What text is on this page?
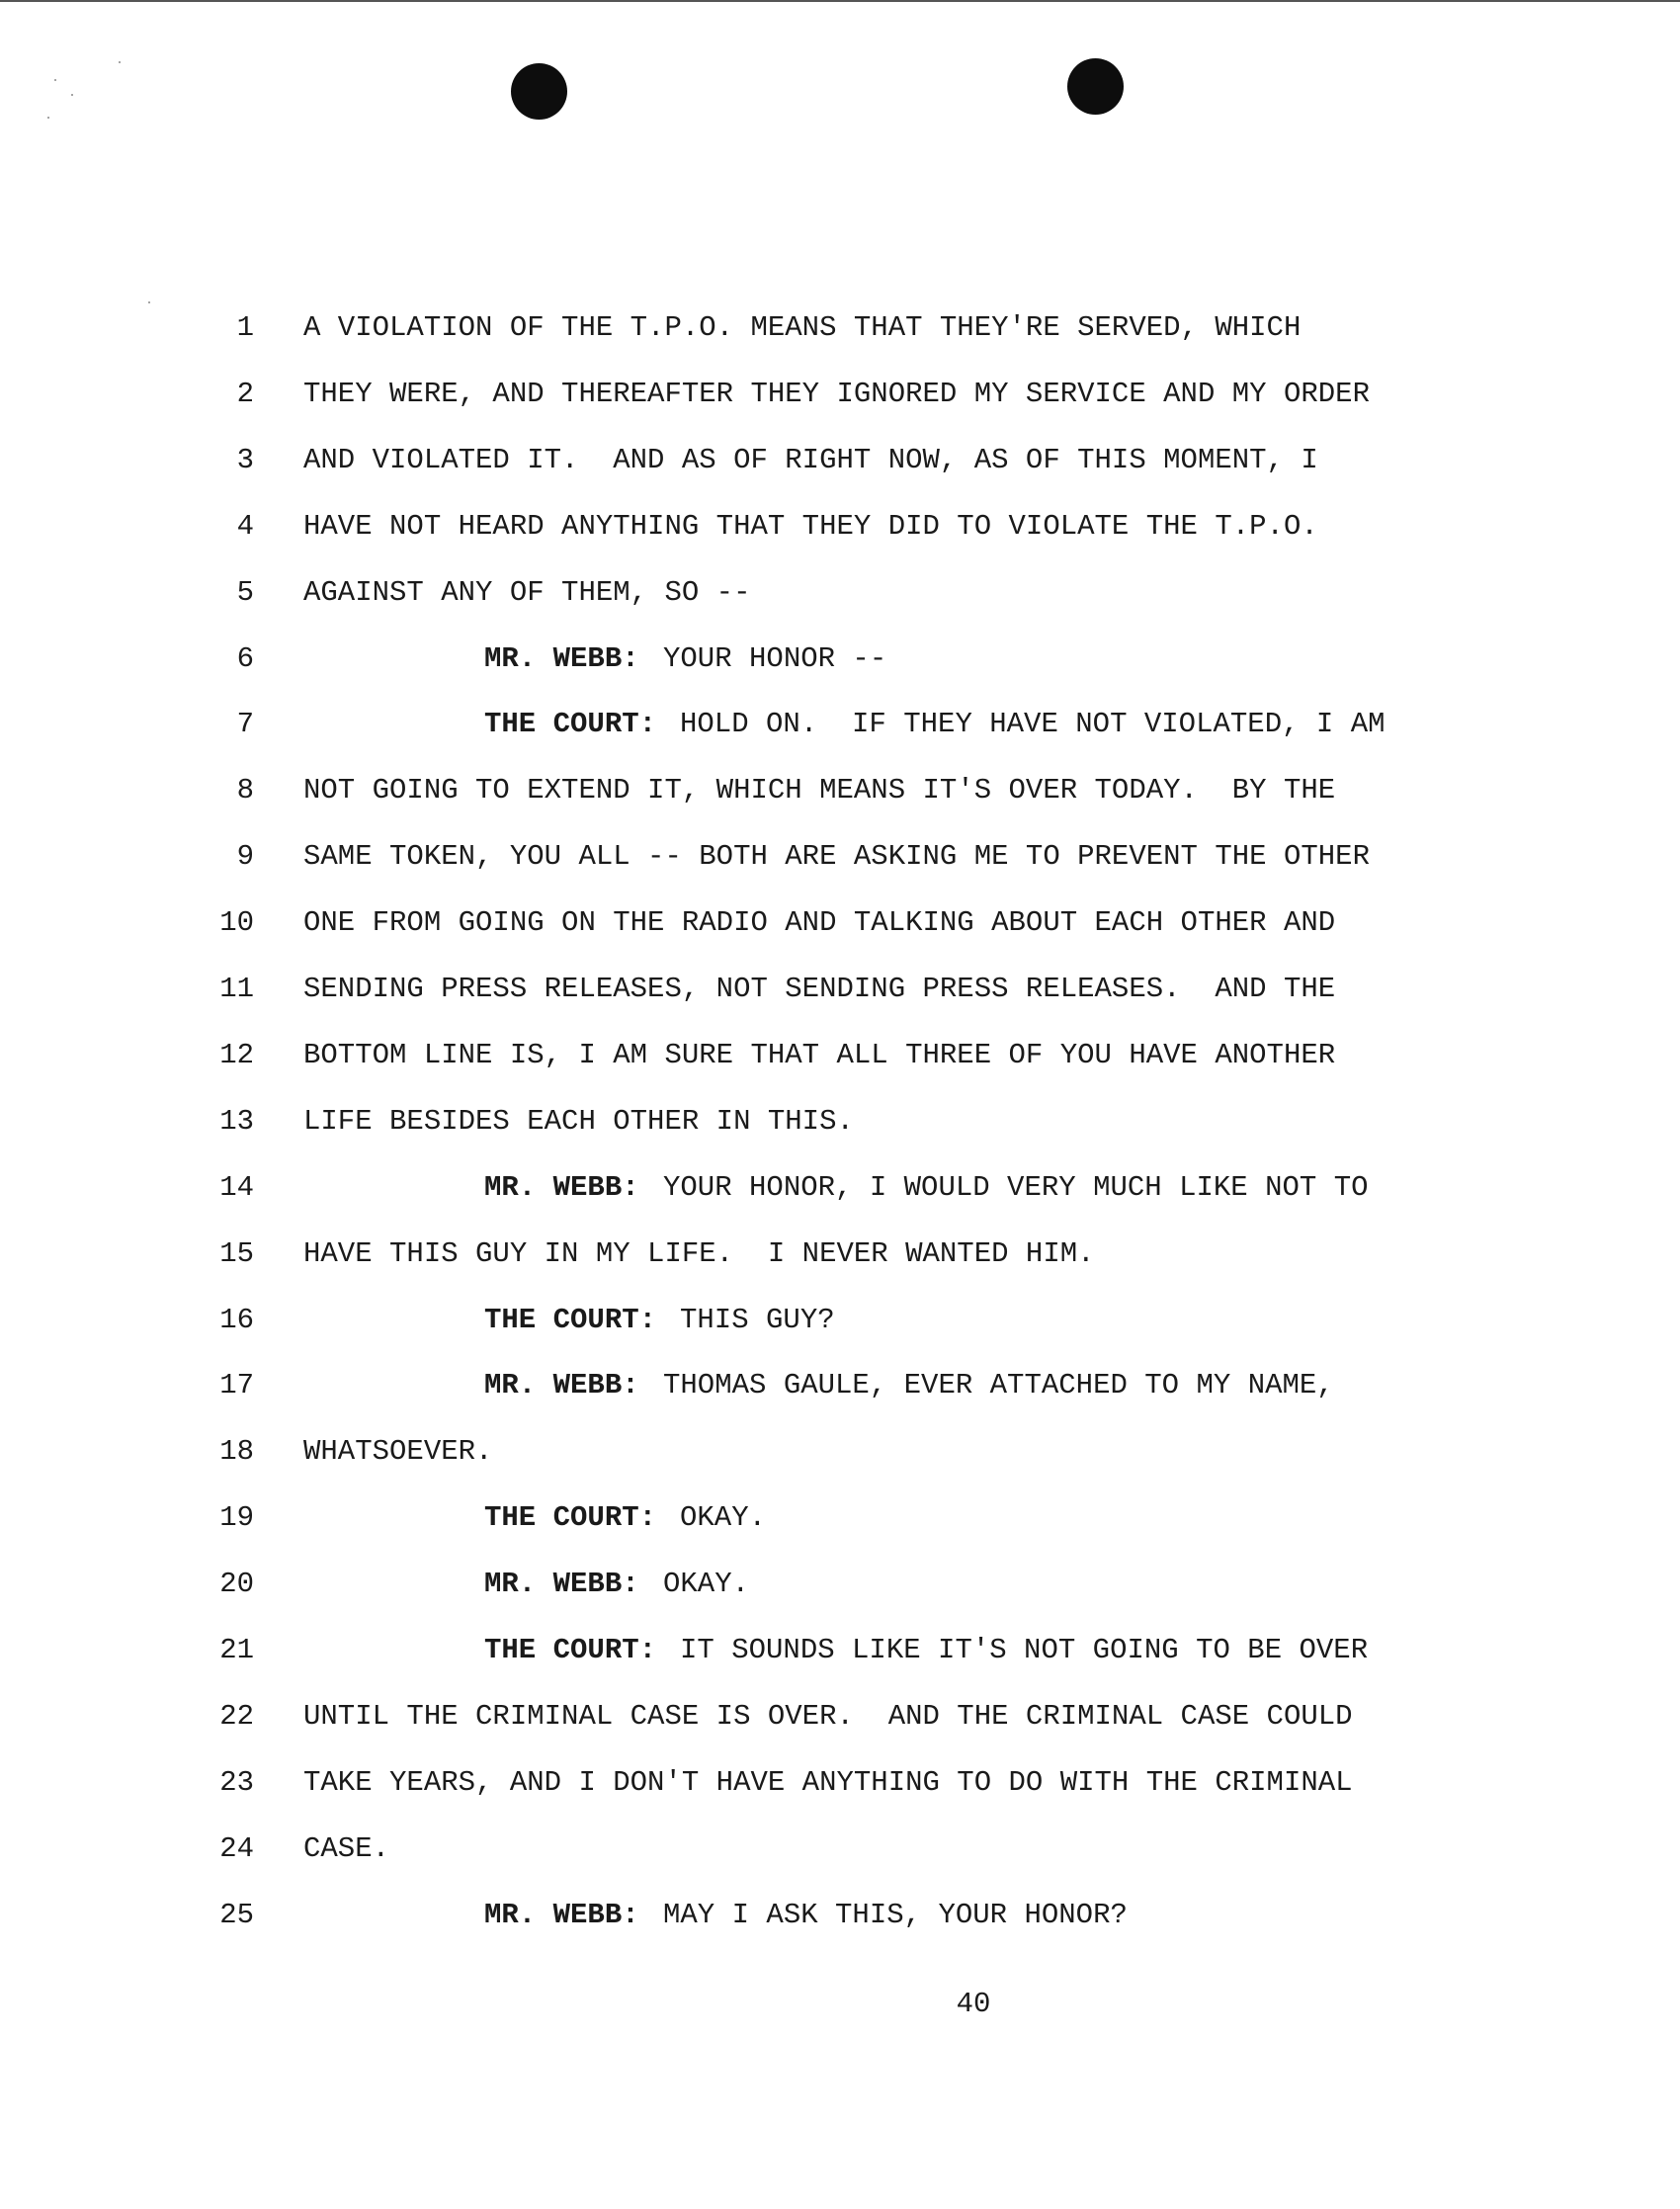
1 A VIOLATION OF THE T.P.O. MEANS THAT THEY'RE SERVED, WHICH
2 THEY WERE, AND THEREAFTER THEY IGNORED MY SERVICE AND MY ORDER
3 AND VIOLATED IT.  AND AS OF RIGHT NOW, AS OF THIS MOMENT, I
4 HAVE NOT HEARD ANYTHING THAT THEY DID TO VIOLATE THE T.P.O.
5 AGAINST ANY OF THEM, SO --
6	MR. WEBB: YOUR HONOR --
7	THE COURT: HOLD ON.  IF THEY HAVE NOT VIOLATED, I AM
8 NOT GOING TO EXTEND IT, WHICH MEANS IT'S OVER TODAY.  BY THE
9 SAME TOKEN, YOU ALL -- BOTH ARE ASKING ME TO PREVENT THE OTHER
10 ONE FROM GOING ON THE RADIO AND TALKING ABOUT EACH OTHER AND
11 SENDING PRESS RELEASES, NOT SENDING PRESS RELEASES.  AND THE
12 BOTTOM LINE IS, I AM SURE THAT ALL THREE OF YOU HAVE ANOTHER
13 LIFE BESIDES EACH OTHER IN THIS.
14	MR. WEBB: YOUR HONOR, I WOULD VERY MUCH LIKE NOT TO
15 HAVE THIS GUY IN MY LIFE.  I NEVER WANTED HIM.
16	THE COURT: THIS GUY?
17	MR. WEBB: THOMAS GAULE, EVER ATTACHED TO MY NAME,
18 WHATSOEVER.
19	THE COURT: OKAY.
20	MR. WEBB: OKAY.
21	THE COURT: IT SOUNDS LIKE IT'S NOT GOING TO BE OVER
22 UNTIL THE CRIMINAL CASE IS OVER.  AND THE CRIMINAL CASE COULD
23 TAKE YEARS, AND I DON'T HAVE ANYTHING TO DO WITH THE CRIMINAL
24 CASE.
25	MR. WEBB: MAY I ASK THIS, YOUR HONOR?
40
